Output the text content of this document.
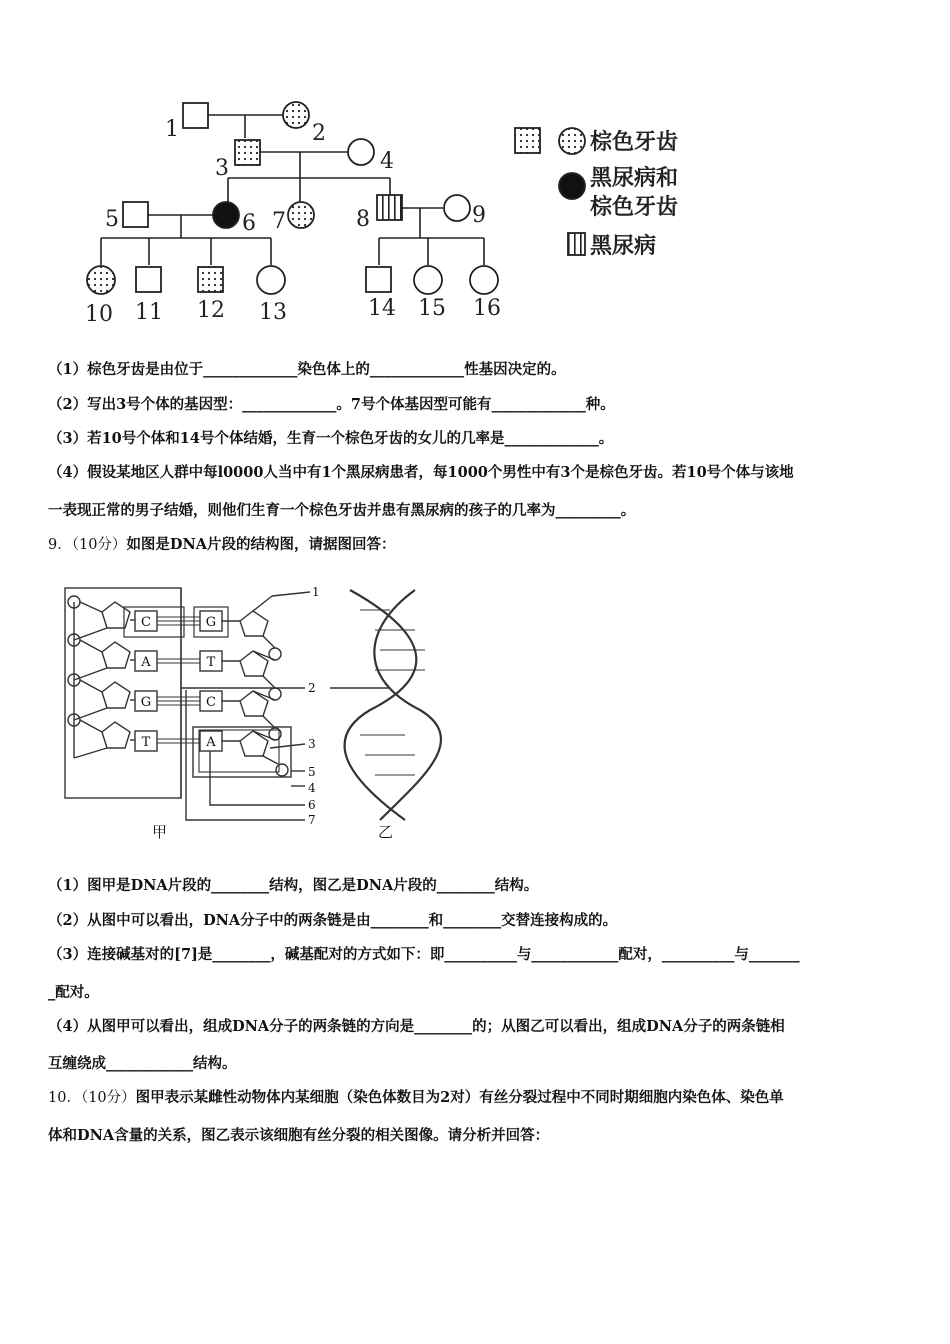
1	2
3	4
5	6 7	8	9
10 11 12 13	14 15 16
棕色牙齿
黑尿病和
棕色牙齿
黑尿病
（1）棕色牙齿是由位于_____________染色体上的_____________性基因决定的。
（2）写出3号个体的基因型：_____________。7号个体基因型可能有_____________种。
（3）若10号个体和14号个体结婚，生育一个棕色牙齿的女儿的几率是_____________。
（4）假设某地区人群中每l0000人当中有1个黑尿病患者，每1000个男性中有3个是棕色牙齿。若10号个体与该地
一表现正常的男子结婚，则他们生育一个棕色牙齿并患有黑尿病的孩子的几率为_________。
9．（10分）如图是DNA片段的结构图，请据图回答：
C
A
G
T
G
T
C
A
1
2
3
5
4
6
7
甲	乙
（1）图甲是DNA片段的________结构，图乙是DNA片段的________结构。
（2）从图中可以看出，DNA分子中的两条链是由________和________交替连接构成的。
（3）连接碱基对的[7]是________，碱基配对的方式如下：即__________与____________配对，__________与_______
_配对。
（4）从图甲可以看出，组成DNA分子的两条链的方向是________的；从图乙可以看出，组成DNA分子的两条链相
互缠绕成____________结构。
10．（10分）图甲表示某雌性动物体内某细胞（染色体数目为2对）有丝分裂过程中不同时期细胞内染色体、染色单
体和DNA含量的关系，图乙表示该细胞有丝分裂的相关图像。请分析并回答：
